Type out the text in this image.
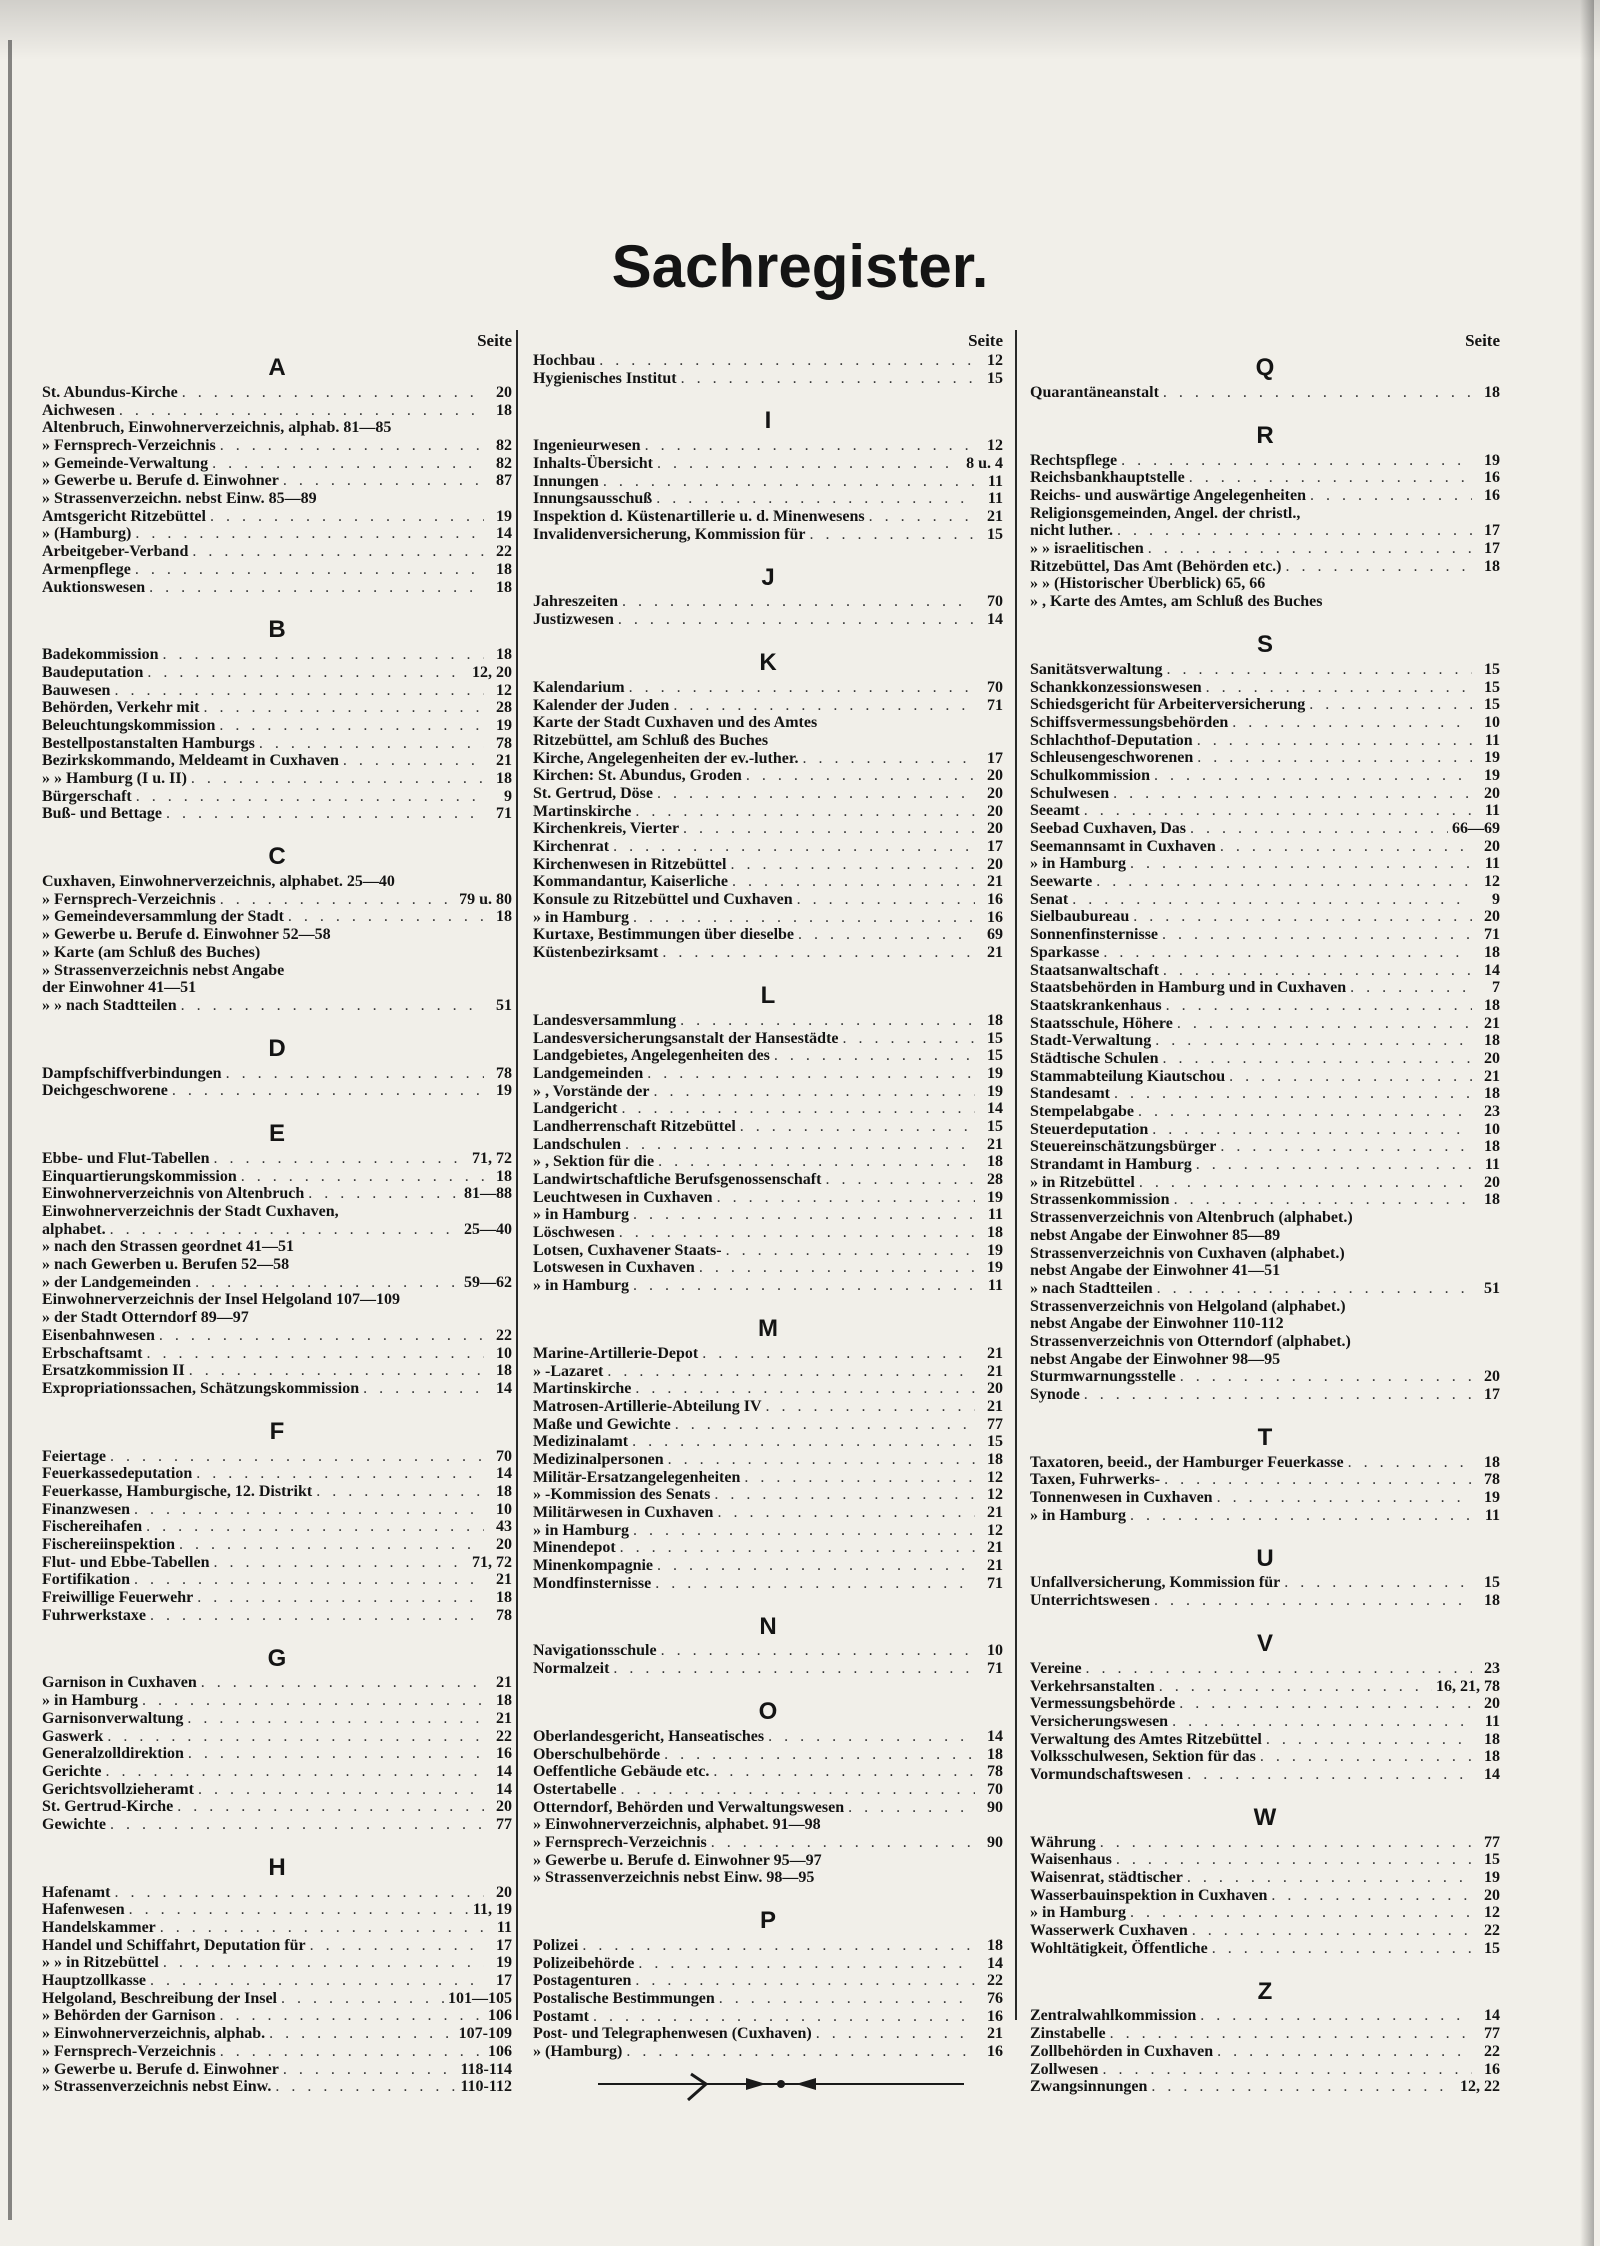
Sachregister.
Seite
A
St. Abundus-Kirche . . .	20
Aichwesen . . .	18
Altenbruch, Einwohnerverzeichnis, alphab. 81—85
» Fernsprech-Verzeichnis . . .	82
» Gemeinde-Verwaltung . . .	82
» Gewerbe u. Berufe d. Einwohner . . .	87
» Strassenverzeichn. nebst Einw. 85—89
Amtsgericht Ritzebüttel . . .	19
» (Hamburg) . . .	14
Arbeitgeber-Verband . . .	22
Armenpflege . . .	18
Auktionswesen . . .	18
B
Badekommission . . .	18
Baudeputation . . .	12, 20
Bauwesen . . .	12
Behörden, Verkehr mit . . .	28
Beleuchtungskommission . . .	19
Bestellpostanstalten Hamburgs . . .	78
Bezirkskommando, Meldeamt in Cuxhaven . . .	21
» » Hamburg (I u. II) . . .	18
Bürgerschaft . . .	9
Buß- und Bettage . . .	71
C
Cuxhaven, Einwohnerverzeichnis, alphabet. 25—40
» Fernsprech-Verzeichnis . . .	79 u. 80
» Gemeindeversammlung der Stadt . . .	18
» Gewerbe u. Berufe d. Einwohner 52—58
» Karte (am Schluß des Buches)
» Strassenverzeichnis nebst Angabe
der Einwohner 41—51
» » nach Stadtteilen . . .	51
D
Dampfschiffverbindungen . . .	78
Deichgeschworene . . .	19
E
Ebbe- und Flut-Tabellen . . .	71, 72
Einquartierungskommission . . .	18
Einwohnerverzeichnis von Altenbruch . . .	81—88
Einwohnerverzeichnis der Stadt Cuxhaven,
alphabet. . . .	25—40
» nach den Strassen geordnet 41—51
» nach Gewerben u. Berufen 52—58
» der Landgemeinden . . .	59—62
Einwohnerverzeichnis der Insel Helgoland 107—109
» der Stadt Otterndorf 89—97
Eisenbahnwesen . . .	22
Erbschaftsamt . . .	10
Ersatzkommission II . . .	18
Expropriationssachen, Schätzungskommission . . .	14
F
Feiertage . . .	70
Feuerkassedeputation . . .	14
Feuerkasse, Hamburgische, 12. Distrikt . . .	18
Finanzwesen . . .	10
Fischereihafen . . .	43
Fischereiinspektion . . .	20
Flut- und Ebbe-Tabellen . . .	71, 72
Fortifikation . . .	21
Freiwillige Feuerwehr . . .	18
Fuhrwerkstaxe . . .	78
G
Garnison in Cuxhaven . . .	21
» in Hamburg . . .	18
Garnisonverwaltung . . .	21
Gaswerk . . .	22
Generalzolldirektion . . .	16
Gerichte . . .	14
Gerichtsvollzieheramt . . .	14
St. Gertrud-Kirche . . .	20
Gewichte . . .	77
H
Hafenamt . . .	20
Hafenwesen . . .	11, 19
Handelskammer . . .	11
Handel und Schiffahrt, Deputation für . . .	17
» » in Ritzebüttel . . .	19
Hauptzollkasse . . .	17
Helgoland, Beschreibung der Insel . . .	101—105
» Behörden der Garnison . . .	106
» Einwohnerverzeichnis, alphab. . . .	107-109
» Fernsprech-Verzeichnis . . .	106
» Gewerbe u. Berufe d. Einwohner . . .	118-114
» Strassenverzeichnis nebst Einw. . . .	110-112
Seite
Hochbau . . .	12
Hygienisches Institut . . .	15
I
Ingenieurwesen . . .	12
Inhalts-Übersicht . . .	8 u. 4
Innungen . . .	11
Innungsausschuß . . .	11
Inspektion d. Küstenartillerie u. d. Minenwesens . . .	21
Invalidenversicherung, Kommission für . . .	15
J
Jahreszeiten . . .	70
Justizwesen . . .	14
K
Kalendarium . . .	70
Kalender der Juden . . .	71
Karte der Stadt Cuxhaven und des Amtes
Ritzebüttel, am Schluß des Buches
Kirche, Angelegenheiten der ev.-luther. . . .	17
Kirchen: St. Abundus, Groden . . .	20
St. Gertrud, Döse . . .	20
Martinskirche . . .	20
Kirchenkreis, Vierter . . .	20
Kirchenrat . . .	17
Kirchenwesen in Ritzebüttel . . .	20
Kommandantur, Kaiserliche . . .	21
Konsule zu Ritzebüttel und Cuxhaven . . .	16
» in Hamburg . . .	16
Kurtaxe, Bestimmungen über dieselbe . . .	69
Küstenbezirksamt . . .	21
L
Landesversammlung . . .	18
Landesversicherungsanstalt der Hansestädte . . .	15
Landgebietes, Angelegenheiten des . . .	15
Landgemeinden . . .	19
» , Vorstände der . . .	19
Landgericht . . .	14
Landherrenschaft Ritzebüttel . . .	15
Landschulen . . .	21
» , Sektion für die . . .	18
Landwirtschaftliche Berufsgenossenschaft . . .	28
Leuchtwesen in Cuxhaven . . .	19
» in Hamburg . . .	11
Löschwesen . . .	18
Lotsen, Cuxhavener Staats- . . .	19
Lotswesen in Cuxhaven . . .	19
» in Hamburg . . .	11
M
Marine-Artillerie-Depot . . .	21
» -Lazaret . . .	21
Martinskirche . . .	20
Matrosen-Artillerie-Abteilung IV . . .	21
Maße und Gewichte . . .	77
Medizinalamt . . .	15
Medizinalpersonen . . .	18
Militär-Ersatzangelegenheiten . . .	12
» -Kommission des Senats . . .	12
Militärwesen in Cuxhaven . . .	21
» in Hamburg . . .	12
Minendepot . . .	21
Minenkompagnie . . .	21
Mondfinsternisse . . .	71
N
Navigationsschule . . .	10
Normalzeit . . .	71
O
Oberlandesgericht, Hanseatisches . . .	14
Oberschulbehörde . . .	18
Oeffentliche Gebäude etc. . . .	78
Ostertabelle . . .	70
Otterndorf, Behörden und Verwaltungswesen . . .	90
» Einwohnerverzeichnis, alphabet. 91—98
» Fernsprech-Verzeichnis . . .	90
» Gewerbe u. Berufe d. Einwohner 95—97
» Strassenverzeichnis nebst Einw. 98—95
P
Polizei . . .	18
Polizeibehörde . . .	14
Postagenturen . . .	22
Postalische Bestimmungen . . .	76
Postamt . . .	16
Post- und Telegraphenwesen (Cuxhaven) . . .	21
» (Hamburg) . . .	16
Seite
Q
Quarantäneanstalt . . .	18
R
Rechtspflege . . .	19
Reichsbankhauptstelle . . .	16
Reichs- und auswärtige Angelegenheiten . . .	16
Religionsgemeinden, Angel. der christl.,
nicht luther. . . .	17
» » israelitischen . . .	17
Ritzebüttel, Das Amt (Behörden etc.) . . .	18
» » (Historischer Überblick) 65, 66
» , Karte des Amtes, am Schluß des Buches
S
Sanitätsverwaltung . . .	15
Schankkonzessionswesen . . .	15
Schiedsgericht für Arbeiterversicherung . . .	15
Schiffsvermessungsbehörden . . .	10
Schlachthof-Deputation . . .	11
Schleusengeschworenen . . .	19
Schulkommission . . .	19
Schulwesen . . .	20
Seeamt . . .	11
Seebad Cuxhaven, Das . . .	66—69
Seemannsamt in Cuxhaven . . .	20
» in Hamburg . . .	11
Seewarte . . .	12
Senat . . .	9
Sielbaubureau . . .	20
Sonnenfinsternisse . . .	71
Sparkasse . . .	18
Staatsanwaltschaft . . .	14
Staatsbehörden in Hamburg und in Cuxhaven . . .	7
Staatskrankenhaus . . .	18
Staatsschule, Höhere . . .	21
Stadt-Verwaltung . . .	18
Städtische Schulen . . .	20
Stammabteilung Kiautschou . . .	21
Standesamt . . .	18
Stempelabgabe . . .	23
Steuerdeputation . . .	10
Steuereinschätzungsbürger . . .	18
Strandamt in Hamburg . . .	11
» in Ritzebüttel . . .	20
Strassenkommission . . .	18
Strassenverzeichnis von Altenbruch (alphabet.)
nebst Angabe der Einwohner 85—89
Strassenverzeichnis von Cuxhaven (alphabet.)
nebst Angabe der Einwohner 41—51
» nach Stadtteilen . . .	51
Strassenverzeichnis von Helgoland (alphabet.)
nebst Angabe der Einwohner 110-112
Strassenverzeichnis von Otterndorf (alphabet.)
nebst Angabe der Einwohner 98—95
Sturmwarnungsstelle . . .	20
Synode . . .	17
T
Taxatoren, beeid., der Hamburger Feuerkasse . . .	18
Taxen, Fuhrwerks- . . .	78
Tonnenwesen in Cuxhaven . . .	19
» in Hamburg . . .	11
U
Unfallversicherung, Kommission für . . .	15
Unterrichtswesen . . .	18
V
Vereine . . .	23
Verkehrsanstalten . . .	16, 21, 78
Vermessungsbehörde . . .	20
Versicherungswesen . . .	11
Verwaltung des Amtes Ritzebüttel . . .	18
Volksschulwesen, Sektion für das . . .	18
Vormundschaftswesen . . .	14
W
Währung . . .	77
Waisenhaus . . .	15
Waisenrat, städtischer . . .	19
Wasserbauinspektion in Cuxhaven . . .	20
» in Hamburg . . .	12
Wasserwerk Cuxhaven . . .	22
Wohltätigkeit, Öffentliche . . .	15
Z
Zentralwahlkommission . . .	14
Zinstabelle . . .	77
Zollbehörden in Cuxhaven . . .	22
Zollwesen . . .	16
Zwangsinnungen . . .	12, 22
